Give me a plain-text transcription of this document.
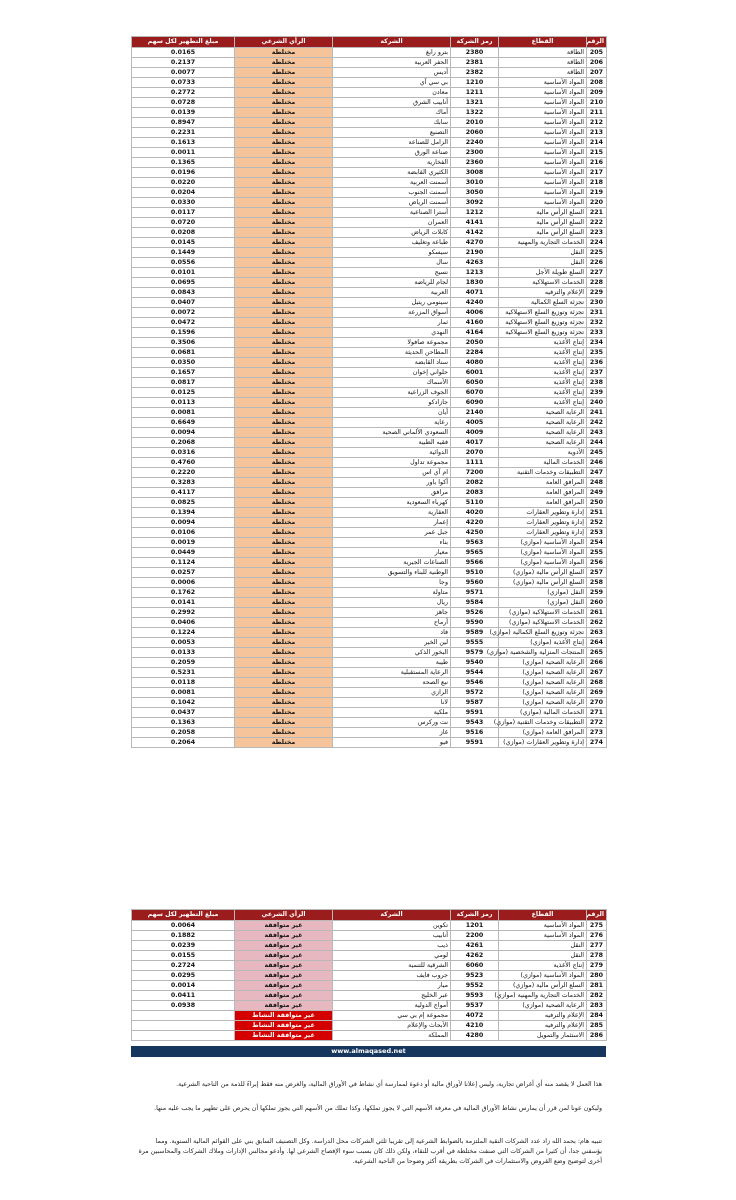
الرقم	القطاع	رمز الشركة	الشركة	الرأي الشرعي	مبلغ التطهير لكل سهم
205	الطاقة	2380	بترو رابغ	مختلطة	0.0165
206	الطاقة	2381	الحفر العربية	مختلطة	0.2137
207	الطاقة	2382	أديس	مختلطة	0.0077
208	المواد الأساسية	1210	بي سي آي	مختلطة	0.0733
209	المواد الأساسية	1211	معادن	مختلطة	0.2772
210	المواد الأساسية	1321	أنابيب الشرق	مختلطة	0.0728
211	المواد الأساسية	1322	أماك	مختلطة	0.0139
212	المواد الأساسية	2010	سابك	مختلطة	0.8947
213	المواد الأساسية	2060	التصنيع	مختلطة	0.2231
214	المواد الأساسية	2240	الزامل للصناعة	مختلطة	0.1613
215	المواد الأساسية	2300	صناعة الورق	مختلطة	0.0011
216	المواد الأساسية	2360	الفخارية	مختلطة	0.1365
217	المواد الأساسية	3008	الكثيري القابضة	مختلطة	0.0196
218	المواد الأساسية	3010	أسمنت العربية	مختلطة	0.0220
219	المواد الأساسية	3050	أسمنت الجنوب	مختلطة	0.0204
220	المواد الأساسية	3092	أسمنت الرياض	مختلطة	0.0330
221	السلع الرأس مالية	1212	أسترا الصناعية	مختلطة	0.0117
222	السلع الرأس مالية	4141	العمران	مختلطة	0.0720
223	السلع الرأس مالية	4142	كابلات الرياض	مختلطة	0.0208
224	الخدمات التجارية والمهنية	4270	طباعة وتغليف	مختلطة	0.0145
225	النقل	2190	سيسكو	مختلطة	0.1449
226	النقل	4263	سال	مختلطة	0.0556
227	السلع طويلة الأجل	1213	نسيج	مختلطة	0.0101
228	الخدمات الاستهلاكية	1830	لجام للرياضة	مختلطة	0.0695
229	الإعلام والترفيه	4071	العربية	مختلطة	0.0843
230	تجزئة السلع الكمالية	4240	سينومي ريتيل	مختلطة	0.0407
231	تجزئة وتوزيع السلع الاستهلاكية	4006	أسواق المزرعة	مختلطة	0.0072
232	تجزئة وتوزيع السلع الاستهلاكية	4160	ثمار	مختلطة	0.0472
233	تجزئة وتوزيع السلع الاستهلاكية	4164	النهدي	مختلطة	0.1596
234	إنتاج الأغذية	2050	مجموعة صافولا	مختلطة	0.3506
235	إنتاج الأغذية	2284	المطاحن الحديثة	مختلطة	0.0681
236	إنتاج الأغذية	4080	سناد القابضة	مختلطة	0.0350
237	إنتاج الأغذية	6001	حلواني إخوان	مختلطة	0.1657
238	إنتاج الأغذية	6050	الأسماك	مختلطة	0.0817
239	إنتاج الأغذية	6070	الجوف الزراعية	مختلطة	0.0125
240	إنتاج الأغذية	6090	جازادكو	مختلطة	0.0113
241	الرعاية الصحية	2140	أيان	مختلطة	0.0081
242	الرعاية الصحية	4005	رعاية	مختلطة	0.6649
243	الرعاية الصحية	4009	السعودي الألماني الصحية	مختلطة	0.0094
244	الرعاية الصحية	4017	فقيه الطبية	مختلطة	0.2068
245	الأدوية	2070	الدوائية	مختلطة	0.0316
246	الخدمات المالية	1111	مجموعة تداول	مختلطة	0.4760
247	التطبيقات وخدمات التقنية	7200	ام آي اس	مختلطة	0.2220
248	المرافق العامة	2082	أكوا باور	مختلطة	0.3283
249	المرافق العامة	2083	مرافق	مختلطة	0.4117
250	المرافق العامة	5110	كهرباء السعودية	مختلطة	0.0825
251	إدارة وتطوير العقارات	4020	العقارية	مختلطة	0.1394
252	إدارة وتطوير العقارات	4220	إعمار	مختلطة	0.0094
253	إدارة وتطوير العقارات	4250	جبل عمر	مختلطة	0.0106
254	المواد الأساسية (موازي)	9563	بناء	مختلطة	0.0019
255	المواد الأساسية (موازي)	9565	معيار	مختلطة	0.0449
256	المواد الأساسية (موازي)	9566	الصناعات الجيرية	مختلطة	0.1124
257	السلع الرأس مالية (موازي)	9510	الوطنية للبناء والتسويق	مختلطة	0.0257
258	السلع الرأس مالية (موازي)	9560	وجا	مختلطة	0.0006
259	النقل (موازي)	9571	متاولة	مختلطة	0.1762
260	النقل (موازي)	9584	ريال	مختلطة	0.0141
261	الخدمات الاستهلاكية (موازي)	9526	جاهز	مختلطة	0.2992
262	الخدمات الاستهلاكية (موازي)	9590	أرماح	مختلطة	0.0406
263	تجزئة وتوزيع السلع الكمالية (موازي)	9589	فاد	مختلطة	0.1224
264	إنتاج الأغذية (موازي)	9555	لين الخير	مختلطة	0.0053
265	المنتجات المنزلية والشخصية (موازي)	9579	البخور الذكي	مختلطة	0.0133
266	الرعاية الصحية (موازي)	9540	طيبة	مختلطة	0.2059
267	الرعاية الصحية (موازي)	9544	الرعاية المستقبلية	مختلطة	0.5231
268	الرعاية الصحية (موازي)	9546	نبع الصحة	مختلطة	0.0118
269	الرعاية الصحية (موازي)	9572	الرازي	مختلطة	0.0081
270	الرعاية الصحية (موازي)	9587	لانا	مختلطة	0.1042
271	الخدمات المالية (موازي)	9591	ملكية	مختلطة	0.0437
272	التطبيقات وخدمات التقنية (موازي)	9543	نت وركرس	مختلطة	0.1363
273	المرافق العامة (موازي)	9516	غاز	مختلطة	0.2058
274	إدارة وتطوير العقارات (موازي)	9591	فيو	مختلطة	0.2064
الرقم	القطاع	رمز الشركة	الشركة	الرأي الشرعي	مبلغ التطهير لكل سهم
275	المواد الأساسية	1201	تكوين	غير متوافقة	0.0064
276	المواد الأساسية	2200	أنابيب	غير متوافقة	0.1882
277	النقل	4261	ذيب	غير متوافقة	0.0239
278	النقل	4262	لومي	غير متوافقة	0.0155
279	إنتاج الأغذية	6060	الشرقية للتنمية	غير متوافقة	0.2724
280	المواد الأساسية (موازي)	9523	جروب فايف	غير متوافقة	0.0295
281	السلع الرأس مالية (موازي)	9552	ميار	غير متوافقة	0.0014
282	الخدمات التجارية والمهنية (موازي)	9593	عبر الخليج	غير متوافقة	0.0411
283	الرعاية الصحية (موازي)	9537	أمواج الدولية	غير متوافقة	0.0938
284	الإعلام والترفيه	4072	مجموعة إم بي سي	غير متوافقة النشاط	
285	الإعلام والترفيه	4210	الأبحاث والإعلام	غير متوافقة النشاط	
286	الاستثمار والتمويل	4280	المملكة	غير متوافقة النشاط	
www.almaqased.net
هذا العمل لا يقصد منه أي أغراض تجارية، وليس إعلانا لأوراق مالية أو دعوة لممارسة أي نشاط في الأوراق المالية، والغرض منه فقط إبراءً للذمة من الناحية الشرعية.
وليكون عونا لمن قرر أن يمارس نشاط الأوراق المالية في معرفة الأسهم التي لا يجوز تملكها، وكذا تملك من الأسهم التي يجوز تملكها أن يحرص على تطهير ما يجب عليه منها.
تنبيه هام: بحمد الله زاد عدد الشركات النقية الملتزمة بالضوابط الشرعية إلى تقريبا ثلثي الشركات محل الدراسة. وكل التصنيف السابق بني على القوائم المالية السنوية. ومما يؤسفني جدا، أن كثيرا من الشركات التي صنفت مختلطة في أقرب للنقاء، ولكن ذلك كان بسبب سوء الإفصاح الشرعي لها. وأدعو مجالس الإدارات وملاك الشركات والمحاسبين مرة أخرى لتوضيح وضع القروض والاستثمارات في الشركات بطريقة أكثر وضوحا من الناحية الشرعية.
